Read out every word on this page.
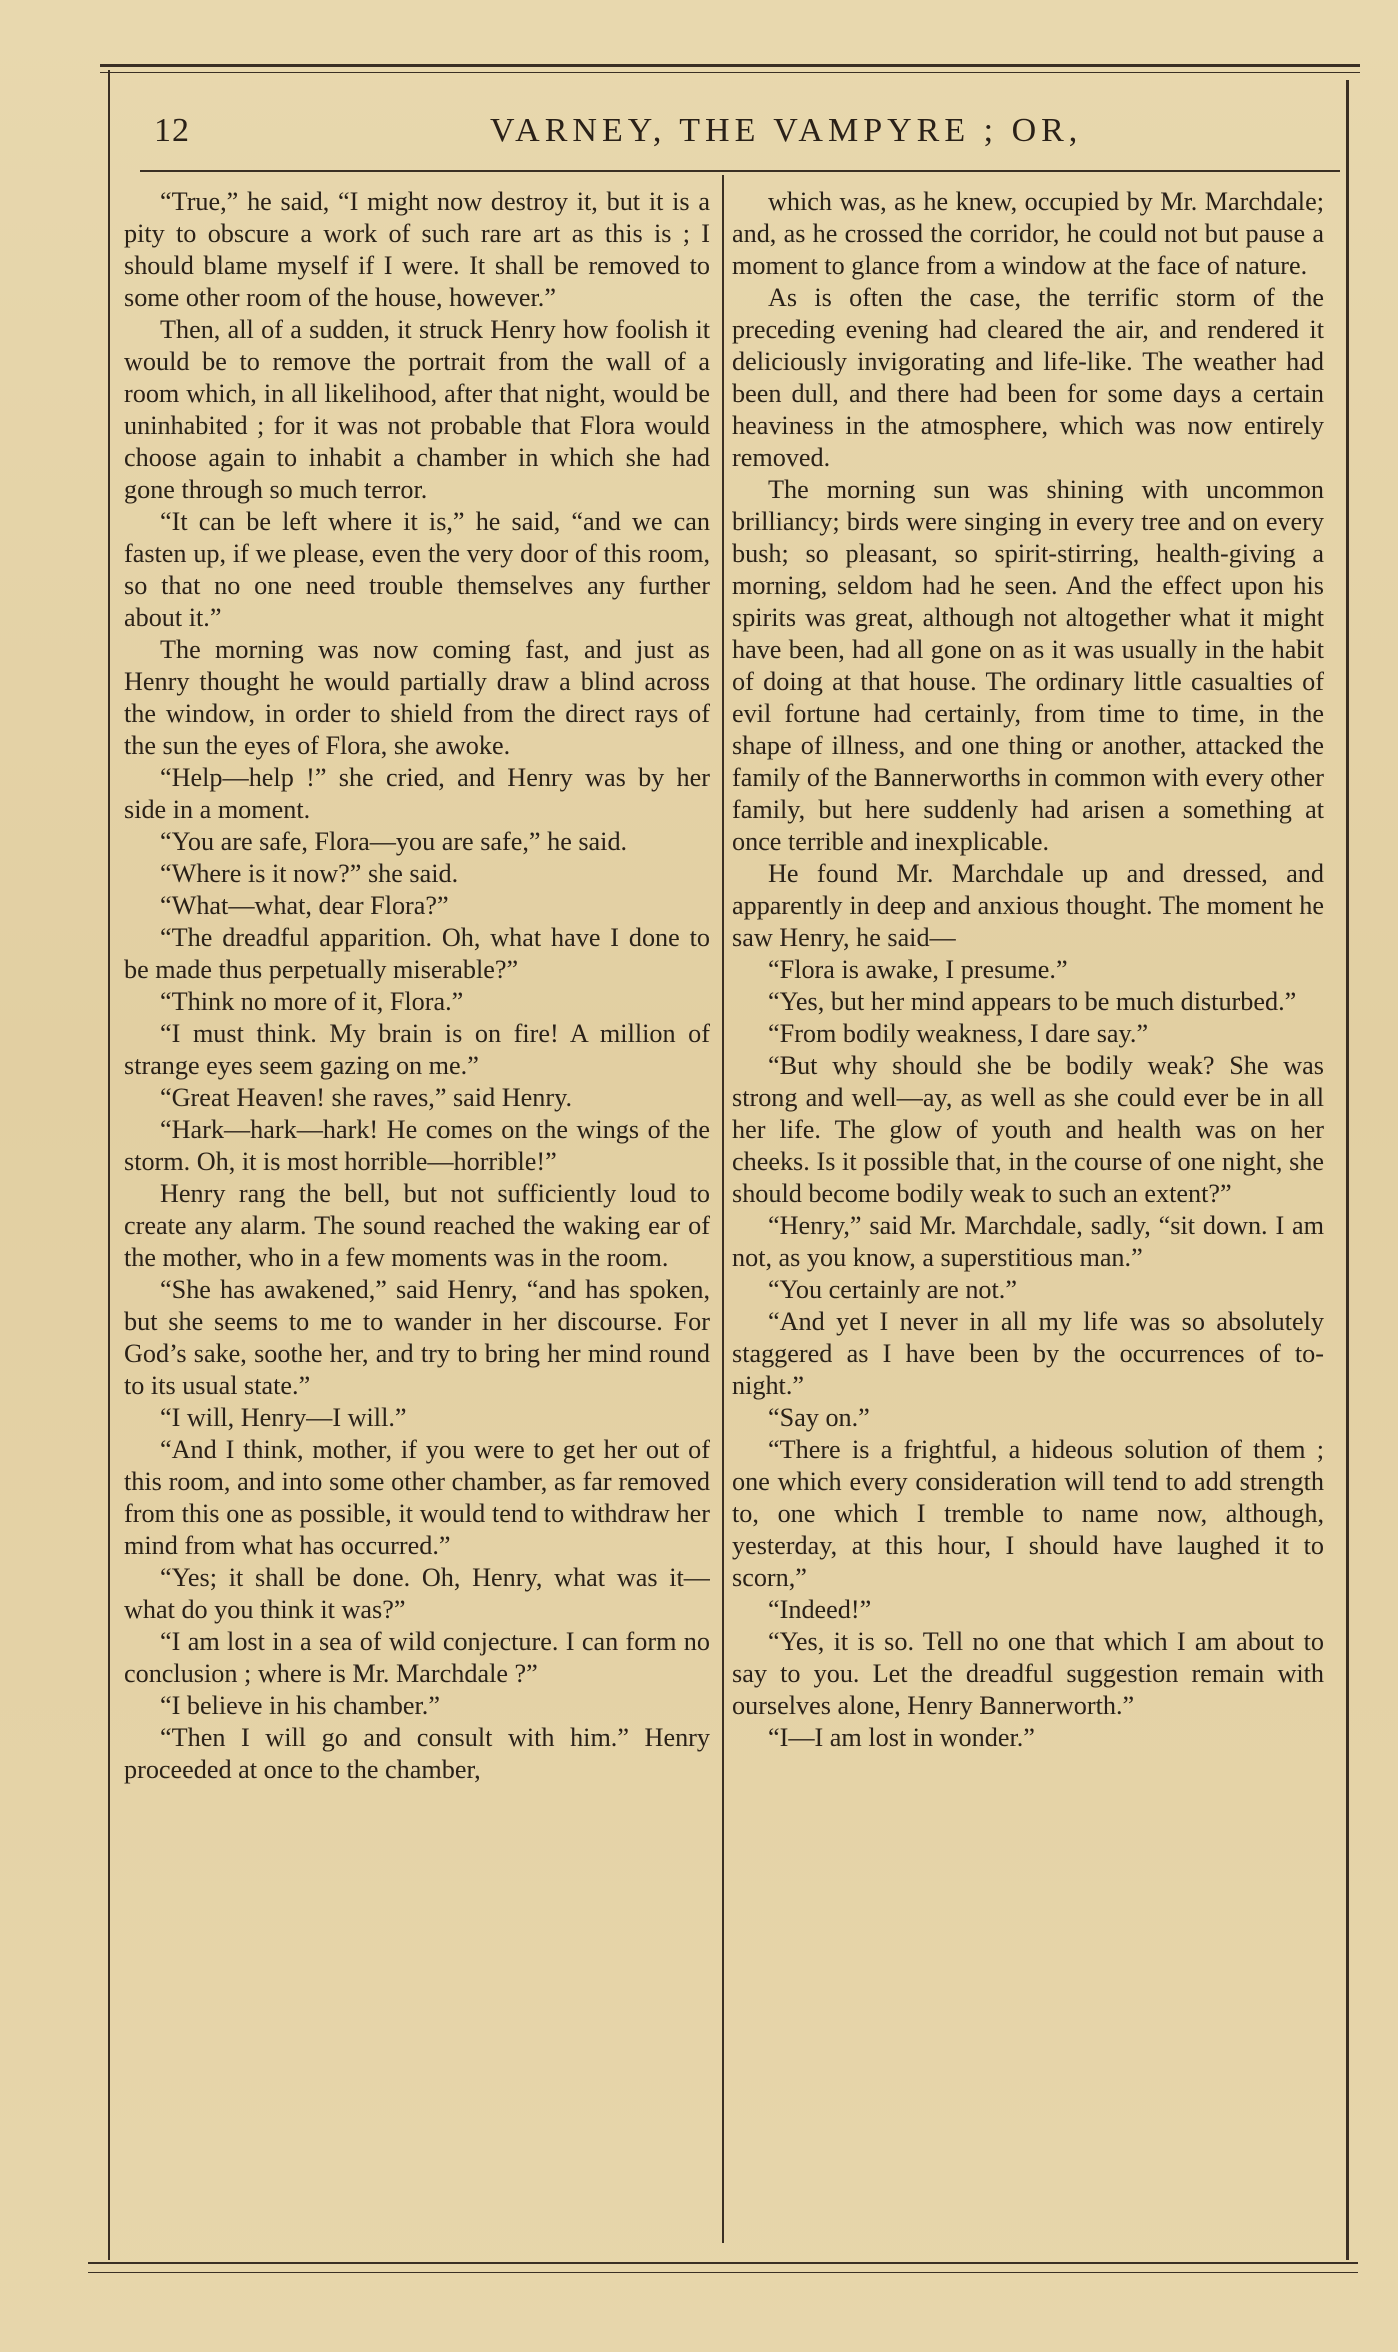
12	VARNEY, THE VAMPYRE ; OR,

“True,” he said, “I might now destroy it, but it is a pity to obscure a work of such rare art as this is ; I should blame myself if I were. It shall be removed to some other room of the house, however.”

Then, all of a sudden, it struck Henry how foolish it would be to remove the portrait from the wall of a room which, in all likelihood, after that night, would be uninhabited ; for it was not probable that Flora would choose again to inhabit a chamber in which she had gone through so much terror.

“It can be left where it is,” he said, “and we can fasten up, if we please, even the very door of this room, so that no one need trouble themselves any further about it.”

The morning was now coming fast, and just as Henry thought he would partially draw a blind across the window, in order to shield from the direct rays of the sun the eyes of Flora, she awoke.

“Help—help !” she cried, and Henry was by her side in a moment.

“You are safe, Flora—you are safe,” he said.

“Where is it now?” she said.

“What—what, dear Flora?”

“The dreadful apparition. Oh, what have I done to be made thus perpetually miserable?”

“Think no more of it, Flora.”

“I must think. My brain is on fire! A million of strange eyes seem gazing on me.”

“Great Heaven! she raves,” said Henry.

“Hark—hark—hark! He comes on the wings of the storm. Oh, it is most horrible—horrible!”

Henry rang the bell, but not sufficiently loud to create any alarm. The sound reached the waking ear of the mother, who in a few moments was in the room.

“She has awakened,” said Henry, “and has spoken, but she seems to me to wander in her discourse. For God’s sake, soothe her, and try to bring her mind round to its usual state.”

“I will, Henry—I will.”

“And I think, mother, if you were to get her out of this room, and into some other chamber, as far removed from this one as possible, it would tend to withdraw her mind from what has occurred.”

“Yes; it shall be done. Oh, Henry, what was it—what do you think it was?”

“I am lost in a sea of wild conjecture. I can form no conclusion ; where is Mr. Marchdale ?”

“I believe in his chamber.”

“Then I will go and consult with him.” Henry proceeded at once to the chamber,

which was, as he knew, occupied by Mr. Marchdale; and, as he crossed the corridor, he could not but pause a moment to glance from a window at the face of nature.

As is often the case, the terrific storm of the preceding evening had cleared the air, and rendered it deliciously invigorating and life-like. The weather had been dull, and there had been for some days a certain heaviness in the atmosphere, which was now entirely removed.

The morning sun was shining with uncommon brilliancy; birds were singing in every tree and on every bush; so pleasant, so spirit-stirring, health-giving a morning, seldom had he seen. And the effect upon his spirits was great, although not altogether what it might have been, had all gone on as it was usually in the habit of doing at that house. The ordinary little casualties of evil fortune had certainly, from time to time, in the shape of illness, and one thing or another, attacked the family of the Bannerworths in common with every other family, but here suddenly had arisen a something at once terrible and inexplicable.

He found Mr. Marchdale up and dressed, and apparently in deep and anxious thought. The moment he saw Henry, he said—

“Flora is awake, I presume.”

“Yes, but her mind appears to be much disturbed.”

“From bodily weakness, I dare say.”

“But why should she be bodily weak? She was strong and well—ay, as well as she could ever be in all her life. The glow of youth and health was on her cheeks. Is it possible that, in the course of one night, she should become bodily weak to such an extent?”

“Henry,” said Mr. Marchdale, sadly, “sit down. I am not, as you know, a superstitious man.”

“You certainly are not.”

“And yet I never in all my life was so absolutely staggered as I have been by the occurrences of to-night.”

“Say on.”

“There is a frightful, a hideous solution of them ; one which every consideration will tend to add strength to, one which I tremble to name now, although, yesterday, at this hour, I should have laughed it to scorn,”

“Indeed!”

“Yes, it is so. Tell no one that which I am about to say to you. Let the dreadful suggestion remain with ourselves alone, Henry Bannerworth.”

“I—I am lost in wonder.”
